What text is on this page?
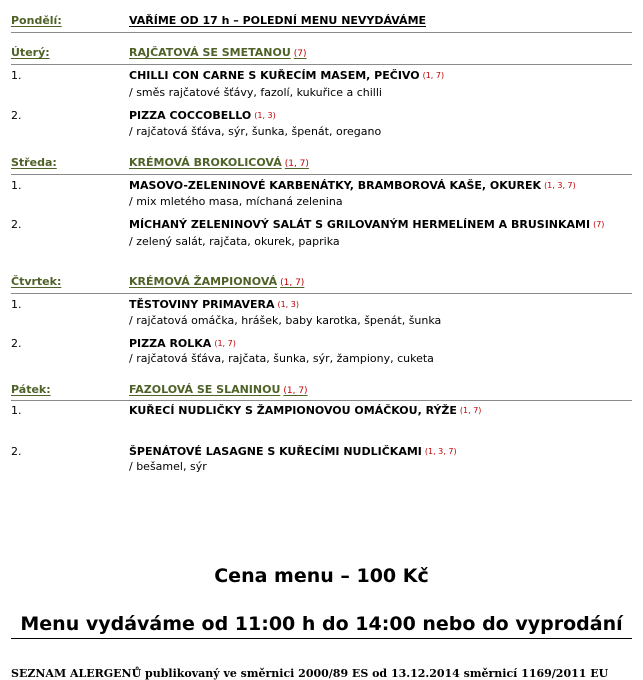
Pondělí:	VAŘÍME OD 17 h – POLEDNÍ MENU NEVYDÁVÁME
Úterý:	RAJČATOVÁ SE SMETANOU (7)
1.	CHILLI CON CARNE S KUŘECÍM MASEM, PEČIVO (1, 7)
/ směs rajčatové šťávy, fazolí, kukuřice a chilli
2.	PIZZA COCCOBELLO (1, 3)
/ rajčatová šťáva, sýr, šunka, špenát, oregano
Středa:	KRÉMOVÁ BROKOLICOVÁ (1, 7)
1.	MASOVO-ZELENINOVÉ KARBENÁTKY, BRAMBOROVÁ KAŠE, OKUREK (1, 3, 7)
/ mix mletého masa, míchaná zelenina
2.	MÍCHANÝ ZELENINOVÝ SALÁT S GRILOVANÝM HERMELÍNEM A BRUSINKAMI (7)
/ zelený salát, rajčata, okurek, paprika
Čtvrtek:	KRÉMOVÁ ŽAMPIONOVÁ (1, 7)
1.	TĚSTOVINY PRIMAVERA (1, 3)
/ rajčatová omáčka, hrášek, baby karotka, špenát, šunka
2.	PIZZA ROLKA (1, 7)
/ rajčatová šťáva, rajčata, šunka, sýr, žampiony, cuketa
Pátek:	FAZOLOVÁ SE SLANINOU (1, 7)
1.	KUŘECÍ NUDLIČKY S ŽAMPIONOVOU OMÁČKOU, RÝŽE (1, 7)
2.	ŠPENÁTOVÉ LASAGNE S KUŘECÍMI NUDLIČKAMI (1, 3, 7)
/ bešamel, sýr
Cena menu – 100 Kč
Menu vydáváme od 11:00 h do 14:00 nebo do vyprodání
SEZNAM ALERGENŮ publikovaný ve směrnici 2000/89 ES od 13.12.2014 směrnicí 1169/2011 EU
